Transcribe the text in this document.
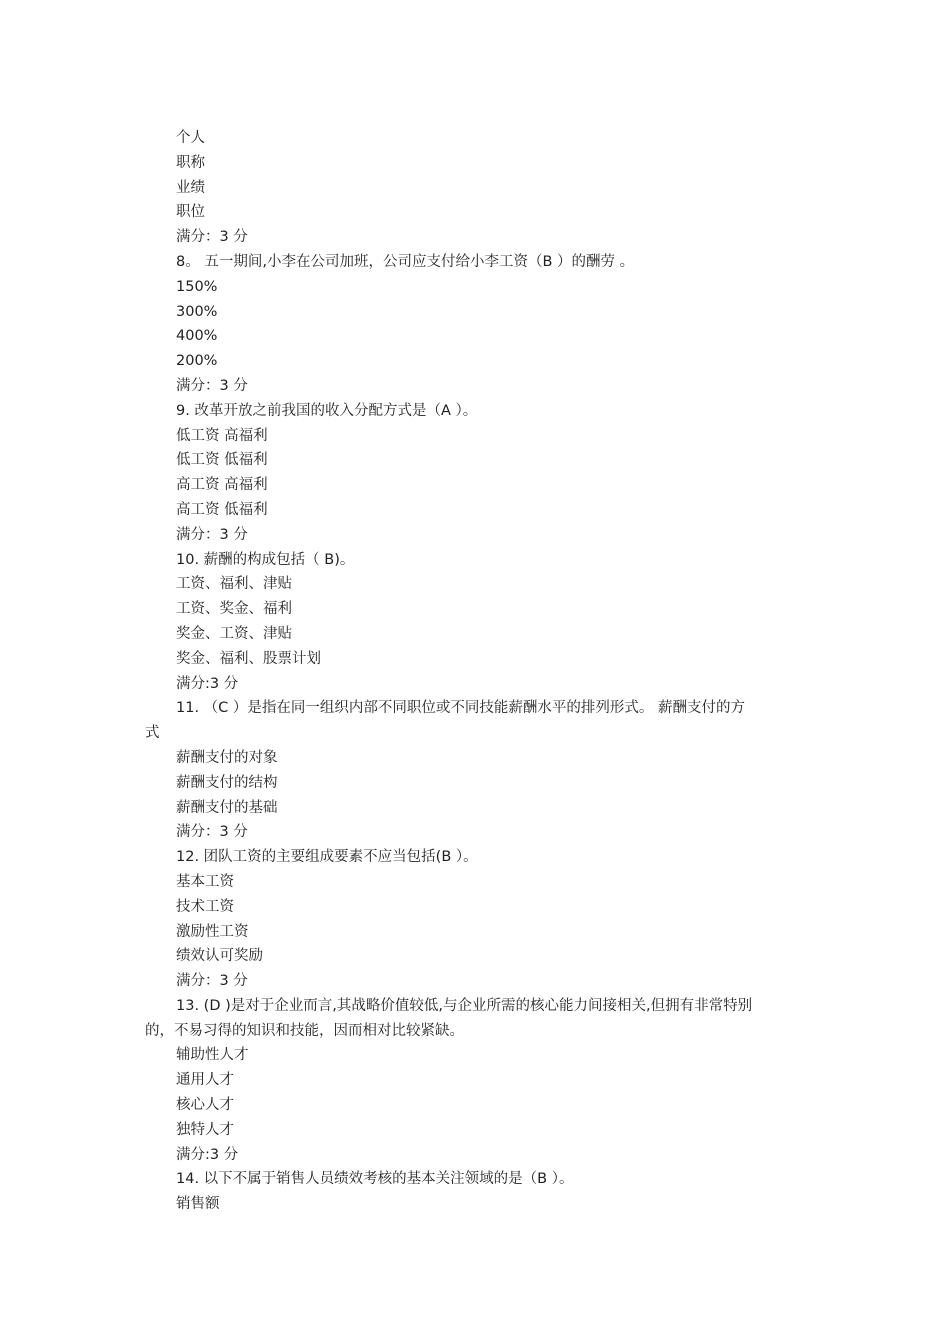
个人
职称
业绩
职位
满分：3 分
8。 五一期间,小李在公司加班，公司应支付给小李工资（B ）的酬劳 。
150%
300%
400%
200%
满分：3 分
9. 改革开放之前我国的收入分配方式是（A ）。
低工资 高福利
低工资 低福利
高工资 高福利
高工资 低福利
满分：3 分
10. 薪酬的构成包括（ B)。
工资、福利、津贴
工资、奖金、福利
奖金、工资、津贴
奖金、福利、股票计划
满分:3 分
11. （C ）是指在同一组织内部不同职位或不同技能薪酬水平的排列形式。 薪酬支付的方
式
薪酬支付的对象
薪酬支付的结构
薪酬支付的基础
满分：3 分
12. 团队工资的主要组成要素不应当包括(B ）。
基本工资
技术工资
激励性工资
绩效认可奖励
满分：3 分
13. (D )是对于企业而言,其战略价值较低,与企业所需的核心能力间接相关,但拥有非常特别
的，不易习得的知识和技能，因而相对比较紧缺。
辅助性人才
通用人才
核心人才
独特人才
满分:3 分
14. 以下不属于销售人员绩效考核的基本关注领域的是（B ）。
销售额
